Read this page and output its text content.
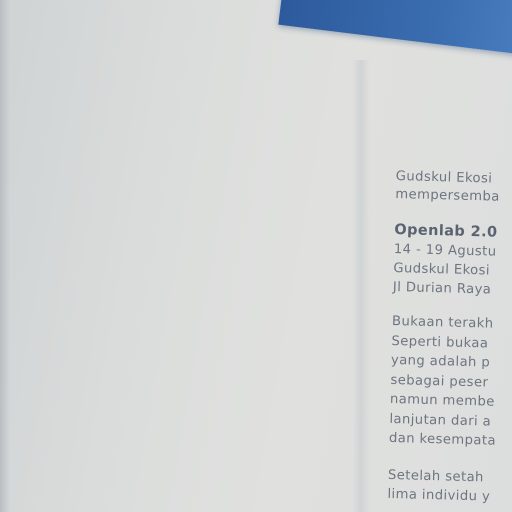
Gudskul Ekosi
mempersemba
Openlab 2.0
14 - 19 Agustu
Gudskul Ekosi
Jl Durian Raya
Bukaan terakh
Seperti bukaa
yang adalah p
sebagai peser
namun membe
lanjutan dari a
dan kesempata
Setelah setah
lima individu y
